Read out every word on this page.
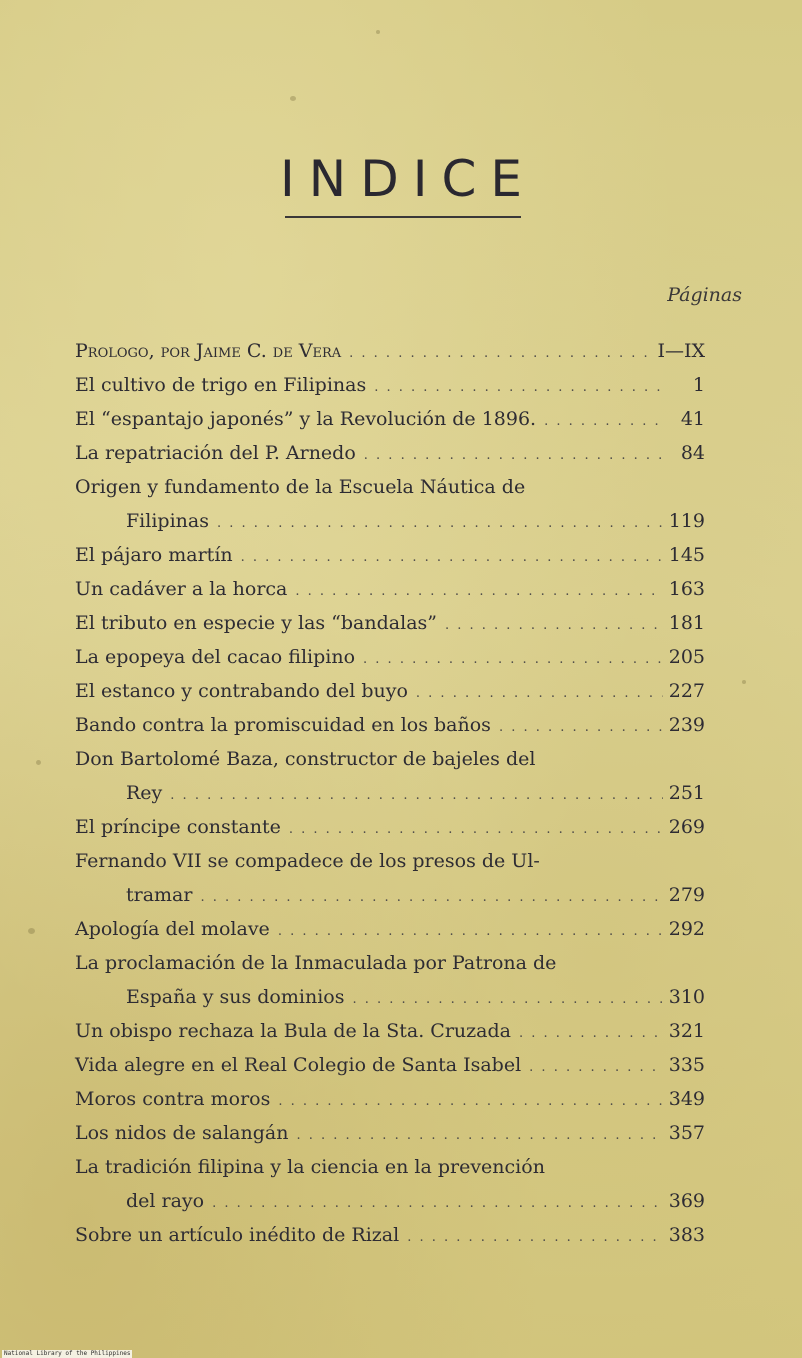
INDICE
Páginas
Prologo, por Jaime C. de Vera . . .	I—IX
El cultivo de trigo en Filipinas . . .	1
El “espantajo japonés” y la Revolución de 1896. . . .	41
La repatriación del P. Arnedo . . .	84
Origen y fundamento de la Escuela Náutica de
Filipinas . . .	119
El pájaro martín . . .	145
Un cadáver a la horca . . .	163
El tributo en especie y las “bandalas” . . .	181
La epopeya del cacao filipino . . .	205
El estanco y contrabando del buyo . . .	227
Bando contra la promiscuidad en los baños . . .	239
Don Bartolomé Baza, constructor de bajeles del
Rey . . .	251
El príncipe constante . . .	269
Fernando VII se compadece de los presos de Ul-
tramar . . .	279
Apología del molave . . .	292
La proclamación de la Inmaculada por Patrona de
España y sus dominios . . .	310
Un obispo rechaza la Bula de la Sta. Cruzada . . .	321
Vida alegre en el Real Colegio de Santa Isabel . . .	335
Moros contra moros . . .	349
Los nidos de salangán . . .	357
La tradición filipina y la ciencia en la prevención
del rayo . . .	369
Sobre un artículo inédito de Rizal . . .	383
National Library of the Philippines
